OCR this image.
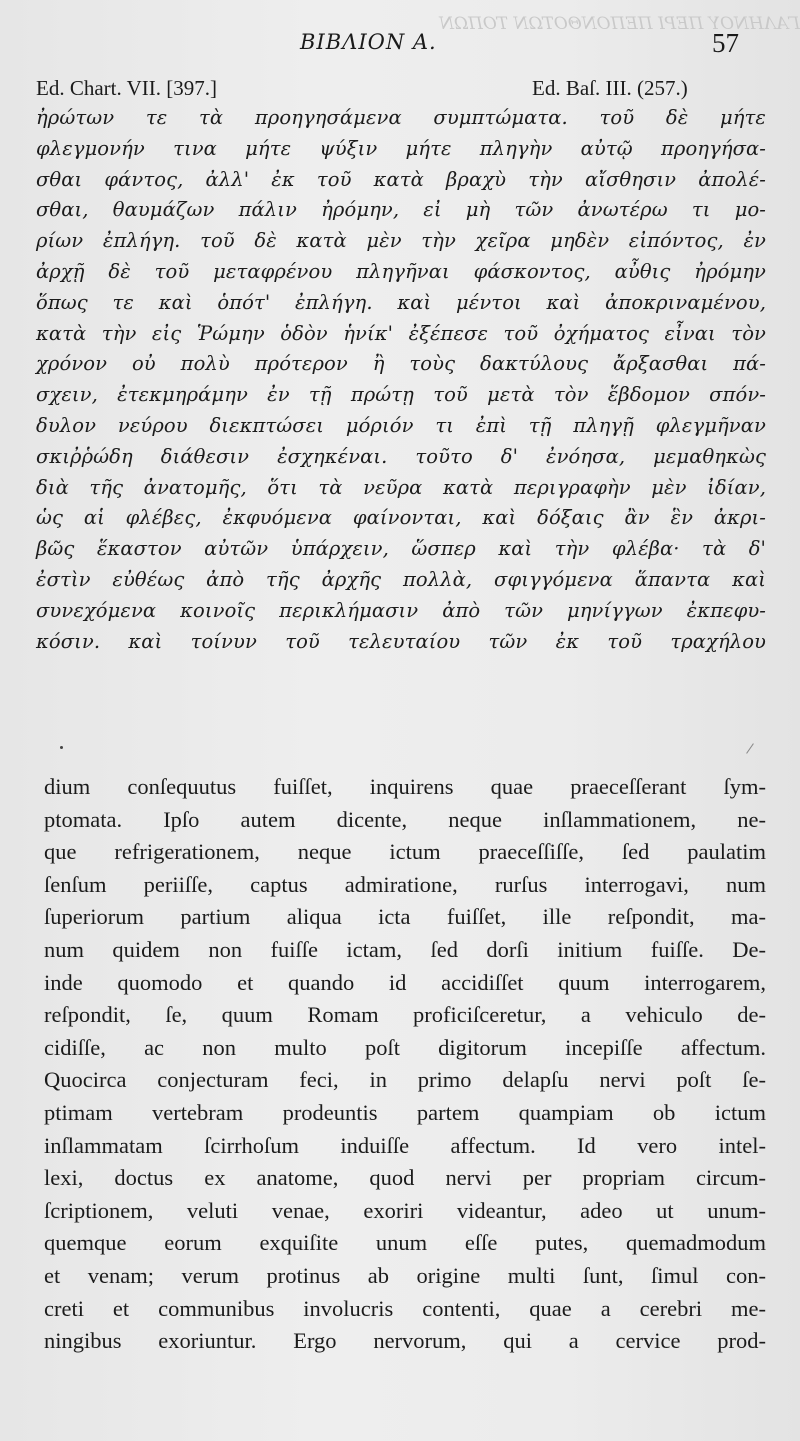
ΓΑΛΗΝΟΥ ΠΕΡΙ ΠΕΠΟΝΘΟΤΩΝ ΤΟΠΩΝ
ΒΙΒΛΙΟΝ Α.	57
Ed. Chart. VII. [397.]	Ed. Baſ. III. (257.)
ἠρώτων τε τὰ προηγησάμενα συμπτώματα. τοῦ δὲ μήτε
φλεγμονήν τινα μήτε ψύξιν μήτε πληγὴν αὐτῷ προηγήσα-
σθαι φάντος, ἀλλ' ἐκ τοῦ κατὰ βραχὺ τὴν αἴσθησιν ἀπολέ-
σθαι, θαυμάζων πάλιν ἠρόμην, εἰ μὴ τῶν ἀνωτέρω τι μο-
ρίων ἐπλήγη. τοῦ δὲ κατὰ μὲν τὴν χεῖρα μηδὲν εἰπόντος, ἐν
ἀρχῇ δὲ τοῦ μεταφρένου πληγῆναι φάσκοντος, αὖθις ἠρόμην
ὅπως τε καὶ ὁπότ' ἐπλήγη. καὶ μέντοι καὶ ἀποκριναμένου,
κατὰ τὴν εἰς Ῥώμην ὁδὸν ἡνίκ' ἐξέπεσε τοῦ ὀχήματος εἶναι τὸν
χρόνον οὐ πολὺ πρότερον ἢ τοὺς δακτύλους ἄρξασθαι πά-
σχειν, ἐτεκμηράμην ἐν τῇ πρώτῃ τοῦ μετὰ τὸν ἕβδομον σπόν-
δυλον νεύρου διεκπτώσει μόριόν τι ἐπὶ τῇ πληγῇ φλεγμῆναν
σκιῤῥώδη διάθεσιν ἐσχηκέναι. τοῦτο δ' ἐνόησα, μεμαθηκὼς
διὰ τῆς ἀνατομῆς, ὅτι τὰ νεῦρα κατὰ περιγραφὴν μὲν ἰδίαν,
ὡς αἱ φλέβες, ἐκφυόμενα φαίνονται, καὶ δόξαις ἂν ἓν ἀκρι-
βῶς ἕκαστον αὐτῶν ὑπάρχειν, ὥσπερ καὶ τὴν φλέβα· τὰ δ'
ἐστὶν εὐθέως ἀπὸ τῆς ἀρχῆς πολλὰ, σφιγγόμενα ἅπαντα καὶ
συνεχόμενα κοινοῖς περικλήμασιν ἀπὸ τῶν μηνίγγων ἐκπεφυ-
κόσιν. καὶ τοίνυν τοῦ τελευταίου τῶν ἐκ τοῦ τραχήλου
dium conſequutus fuiſſet, inquirens quae praeceſſerant ſym-
ptomata. Ipſo autem dicente, neque inſlammationem, ne-
que refrigerationem, neque ictum praeceſſiſſe, ſed paulatim
ſenſum periiſſe, captus admiratione, rurſus interrogavi, num
ſuperiorum partium aliqua icta fuiſſet, ille reſpondit, ma-
num quidem non fuiſſe ictam, ſed dorſi initium fuiſſe. De-
inde quomodo et quando id accidiſſet quum interrogarem,
reſpondit, ſe, quum Romam proficiſceretur, a vehiculo de-
cidiſſe, ac non multo poſt digitorum incepiſſe affectum.
Quocirca conjecturam feci, in primo delapſu nervi poſt ſe-
ptimam vertebram prodeuntis partem quampiam ob ictum
inſlammatam ſcirrhoſum induiſſe affectum. Id vero intel-
lexi, doctus ex anatome, quod nervi per propriam circum-
ſcriptionem, veluti venae, exoriri videantur, adeo ut unum-
quemque eorum exquiſite unum eſſe putes, quemadmodum
et venam; verum protinus ab origine multi ſunt, ſimul con-
creti et communibus involucris contenti, quae a cerebri me-
ningibus exoriuntur. Ergo nervorum, qui a cervice prod-
